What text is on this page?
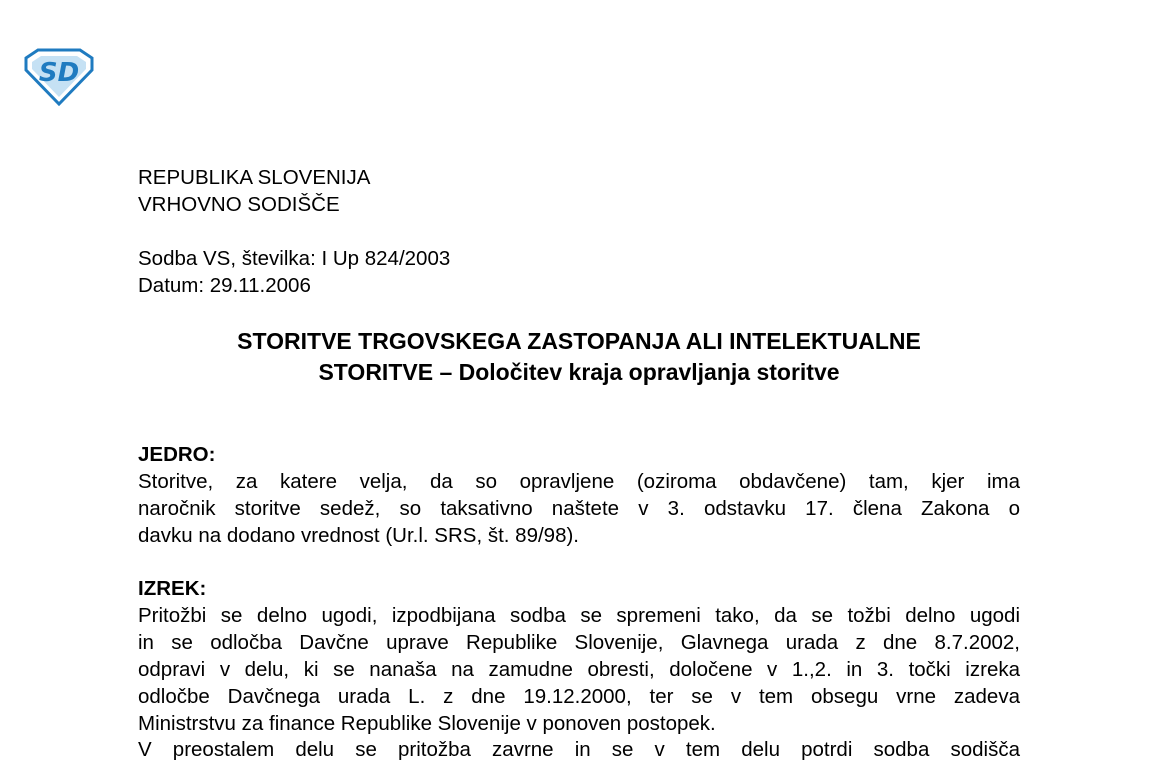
SD
REPUBLIKA SLOVENIJA
VRHOVNO SODIŠČE
Sodba VS, številka: I Up 824/2003
Datum: 29.11.2006
STORITVE TRGOVSKEGA ZASTOPANJA ALI INTELEKTUALNE
STORITVE – Določitev kraja opravljanja storitve
JEDRO:
Storitve, za katere velja, da so opravljene (oziroma obdavčene) tam, kjer ima
naročnik storitve sedež, so taksativno naštete v 3. odstavku 17. člena Zakona o
davku na dodano vrednost (Ur.l. SRS, št. 89/98).
IZREK:
Pritožbi se delno ugodi, izpodbijana sodba se spremeni tako, da se tožbi delno ugodi
in se odločba Davčne uprave Republike Slovenije, Glavnega urada z dne 8.7.2002,
odpravi v delu, ki se nanaša na zamudne obresti, določene v 1.,2. in 3. točki izreka
odločbe Davčnega urada L. z dne 19.12.2000, ter se v tem obsegu vrne zadeva
Ministrstvu za finance Republike Slovenije v ponoven postopek.
V preostalem delu se pritožba zavrne in se v tem delu potrdi sodba sodišča
